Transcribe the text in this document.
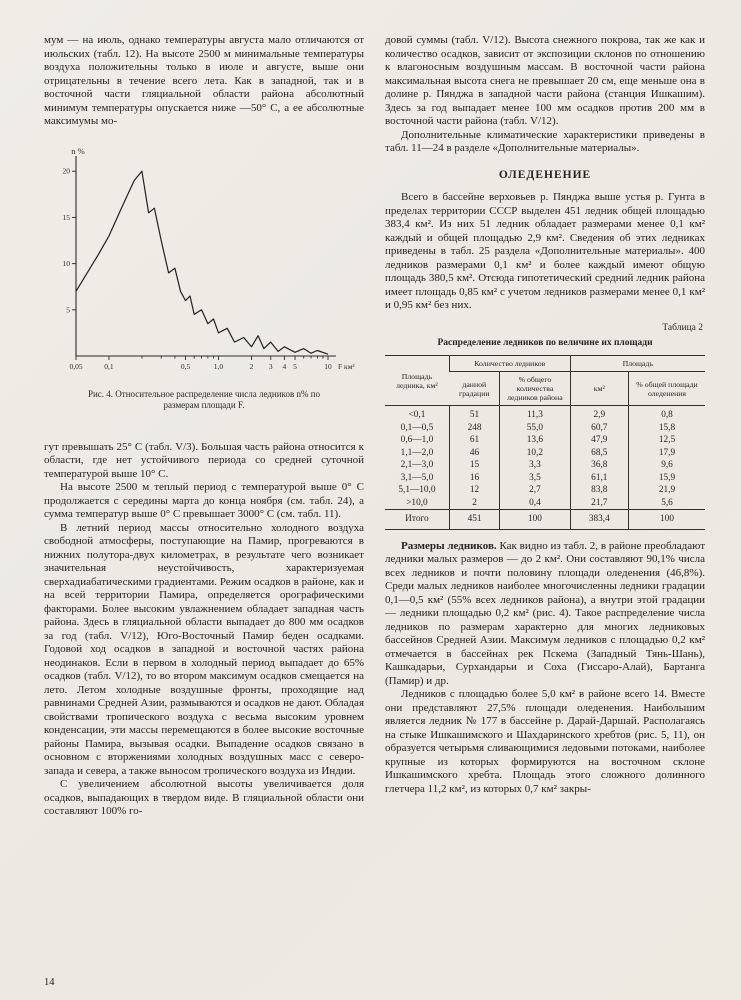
мум — на июль, однако температуры августа мало отличаются от июльских (табл. 12). На высоте 2500 м минимальные температуры воздуха положительны только в июле и августе, выше они отрицательны в течение всего лета. Как в западной, так и в восточной части гляциальной области района абсолютный минимум температуры опускается ниже —50° С, а ее абсолютные максимумы мо-

5
10
15
20
0,05	0,1	0,5	1,0	2 3 4 5	10
n %
F км²
Рис. 4. Относительное распределение числа ледников n% по размерам площади F.

гут превышать 25° С (табл. V/3). Большая часть района относится к области, где нет устойчивого периода со средней суточной температурой выше 10° С.

На высоте 2500 м теплый период с температурой выше 0° С продолжается с середины марта до конца ноября (см. табл. 24), а сумма температур выше 0° С превышает 3000° С (см. табл. 11).

В летний период массы относительно холодного воздуха свободной атмосферы, поступающие на Памир, прогреваются в нижних полутора-двух километрах, в результате чего возникает значительная неустойчивость, характеризуемая сверхадиабатическими градиентами. Режим осадков в районе, как и на всей территории Памира, определяется орографическими факторами. Более высоким увлажнением обладает западная часть района. Здесь в гляциальной области выпадает до 800 мм осадков за год (табл. V/12), Юго-Восточный Памир беден осадками. Годовой ход осадков в западной и восточной частях района неодинаков. Если в первом в холодный период выпадает до 65% осадков (табл. V/12), то во втором максимум осадков смещается на лето. Летом холодные воздушные фронты, проходящие над равнинами Средней Азии, размываются и осадков не дают. Обладая свойствами тропического воздуха с весьма высоким уровнем конденсации, эти массы перемещаются в более высокие восточные районы Памира, вызывая осадки. Выпадение осадков связано в основном с вторжениями холодных воздушных масс с северо-запада и севера, а также выносом тропического воздуха из Индии.

С увеличением абсолютной высоты увеличивается доля осадков, выпадающих в твердом виде. В гляциальной области они составляют 100% го-

довой суммы (табл. V/12). Высота снежного покрова, так же как и количество осадков, зависит от экспозиции склонов по отношению к влагоносным воздушным массам. В восточной части района максимальная высота снега не превышает 20 см, еще меньше она в долине р. Пянджа в западной части района (станция Ишкашим). Здесь за год выпадает менее 100 мм осадков против 200 мм в восточной части района (табл. V/12).

Дополнительные климатические характеристики приведены в табл. 11—24 в разделе «Дополнительные материалы».

ОЛЕДЕНЕНИЕ

Всего в бассейне верховьев р. Пянджа выше устья р. Гунта в пределах территории СССР выделен 451 ледник общей площадью 383,4 км². Из них 51 ледник обладает размерами менее 0,1 км² каждый и общей площадью 2,9 км². Сведения об этих ледниках приведены в табл. 25 раздела «Дополнительные материалы». 400 ледников размерами 0,1 км² и более каждый имеют общую площадь 380,5 км². Отсюда гипотетический средний ледник района имеет площадь 0,85 км² с учетом ледников размерами менее 0,1 км² и 0,95 км² без них.

Таблица 2
Распределение ледников по величине их площади
Площадь ледника, км²	Количество ледников		Площадь	
	данной градации	% общего количества ледников района	км²	% общей площади оледенения
<0,1	51	11,3	2,9	0,8
0,1—0,5	248	55,0	60,7	15,8
0,6—1,0	61	13,6	47,9	12,5
1,1—2,0	46	10,2	68,5	17,9
2,1—3,0	15	3,3	36,8	9,6
3,1—5,0	16	3,5	61,1	15,9
5,1—10,0	12	2,7	83,8	21,9
>10,0	2	0,4	21,7	5,6
Итого	451	100	383,4	100

Размеры ледников. Как видно из табл. 2, в районе преобладают ледники малых размеров — до 2 км². Они составляют 90,1% числа всех ледников и почти половину площади оледенения (46,8%). Среди малых ледников наиболее многочисленны ледники градации 0,1—0,5 км² (55% всех ледников района), а внутри этой градации — ледники площадью 0,2 км² (рис. 4). Такое распределение числа ледников по размерам характерно для многих ледниковых бассейнов Средней Азии. Максимум ледников с площадью 0,2 км² отмечается в бассейнах рек Пскема (Западный Тянь-Шань), Кашкадарьи, Сурхандарьи и Соха (Гиссаро-Алай), Бартанга (Памир) и др.

Ледников с площадью более 5,0 км² в районе всего 14. Вместе они представляют 27,5% площади оледенения. Наибольшим является ледник № 177 в бассейне р. Дарай-Даршай. Располагаясь на стыке Ишкашимского и Шахдаринского хребтов (рис. 5, 11), он образуется четырьмя сливающимися ледовыми потоками, наиболее крупные из которых формируются на восточном склоне Ишкашимского хребта. Площадь этого сложного долинного глетчера 11,2 км², из которых 0,7 км² закры-

14
